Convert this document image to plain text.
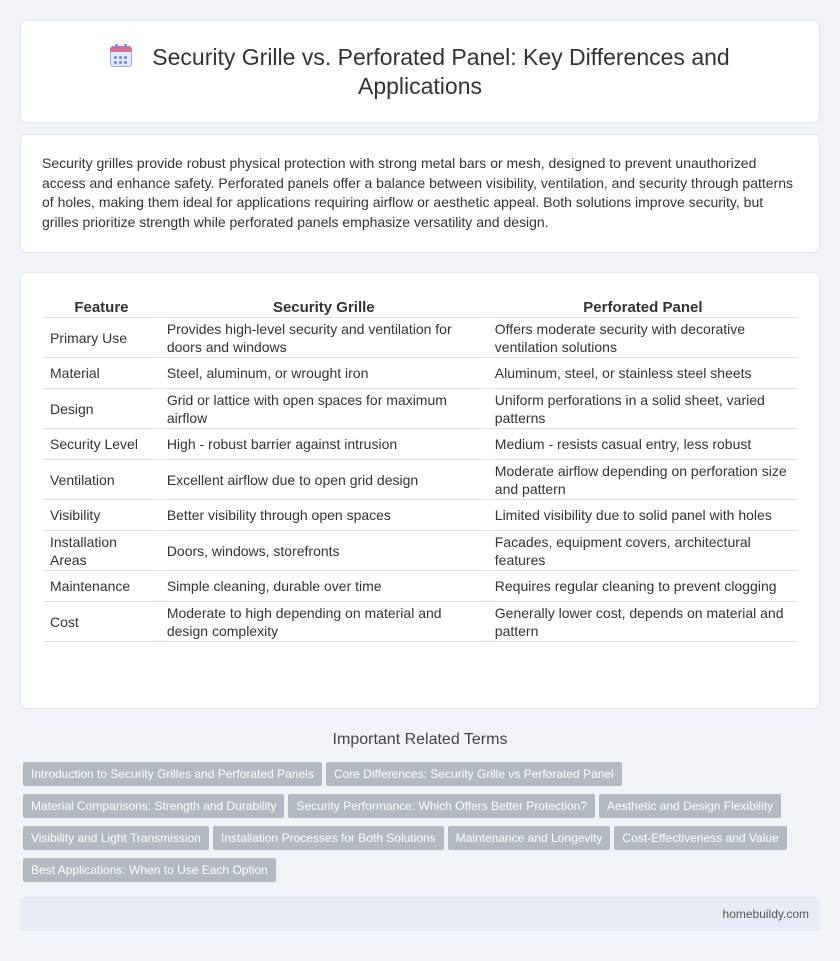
Security Grille vs. Perforated Panel: Key Differences and Applications

Security grilles provide robust physical protection with strong metal bars or mesh, designed to prevent unauthorized access and enhance safety. Perforated panels offer a balance between visibility, ventilation, and security through patterns of holes, making them ideal for applications requiring airflow or aesthetic appeal. Both solutions improve security, but grilles prioritize strength while perforated panels emphasize versatility and design.

Feature	Security Grille	Perforated Panel
Primary Use	Provides high-level security and ventilation for doors and windows	Offers moderate security with decorative ventilation solutions
Material	Steel, aluminum, or wrought iron	Aluminum, steel, or stainless steel sheets
Design	Grid or lattice with open spaces for maximum airflow	Uniform perforations in a solid sheet, varied patterns
Security Level	High - robust barrier against intrusion	Medium - resists casual entry, less robust
Ventilation	Excellent airflow due to open grid design	Moderate airflow depending on perforation size and pattern
Visibility	Better visibility through open spaces	Limited visibility due to solid panel with holes
Installation Areas	Doors, windows, storefronts	Facades, equipment covers, architectural features
Maintenance	Simple cleaning, durable over time	Requires regular cleaning to prevent clogging
Cost	Moderate to high depending on material and design complexity	Generally lower cost, depends on material and pattern
Important Related Terms
Introduction to Security Grilles and Perforated Panels Core Differences: Security Grille vs Perforated Panel
Material Comparisons: Strength and Durability Security Performance: Which Offers Better Protection? Aesthetic and Design Flexibility
Visibility and Light Transmission Installation Processes for Both Solutions Maintenance and Longevity Cost-Effectiveness and Value
Best Applications: When to Use Each Option
homebuildy.com
